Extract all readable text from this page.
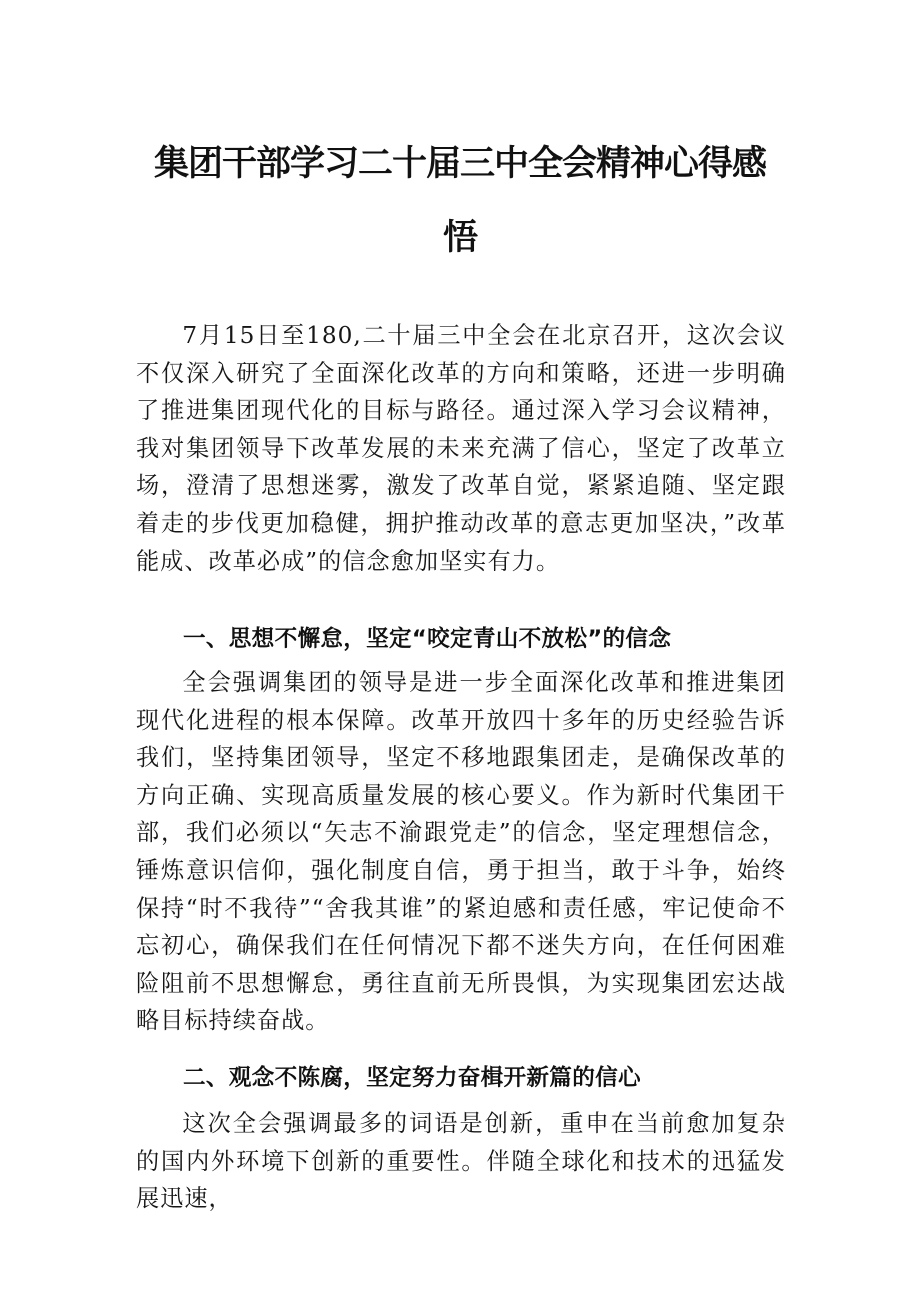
集团干部学习二十届三中全会精神心得感
悟

7月15日至180,二十届三中全会在北京召开，这次会议不仅深入研究了全面深化改革的方向和策略，还进一步明确了推进集团现代化的目标与路径。通过深入学习会议精神，我对集团领导下改革发展的未来充满了信心，坚定了改革立场，澄清了思想迷雾，激发了改革自觉，紧紧追随、坚定跟着走的步伐更加稳健，拥护推动改革的意志更加坚决，”改革能成、改革必成”的信念愈加坚实有力。

一、思想不懈怠，坚定“咬定青山不放松”的信念

全会强调集团的领导是进一步全面深化改革和推进集团现代化进程的根本保障。改革开放四十多年的历史经验告诉我们，坚持集团领导，坚定不移地跟集团走，是确保改革的方向正确、实现高质量发展的核心要义。作为新时代集团干部，我们必须以“矢志不渝跟党走”的信念，坚定理想信念，锤炼意识信仰，强化制度自信，勇于担当，敢于斗争，始终保持“时不我待”“舍我其谁”的紧迫感和责任感，牢记使命不忘初心，确保我们在任何情况下都不迷失方向，在任何困难险阻前不思想懈怠，勇往直前无所畏惧，为实现集团宏达战略目标持续奋战。

二、观念不陈腐，坚定努力奋楫开新篇的信心

这次全会强调最多的词语是创新，重申在当前愈加复杂的国内外环境下创新的重要性。伴随全球化和技术的迅猛发展迅速，
